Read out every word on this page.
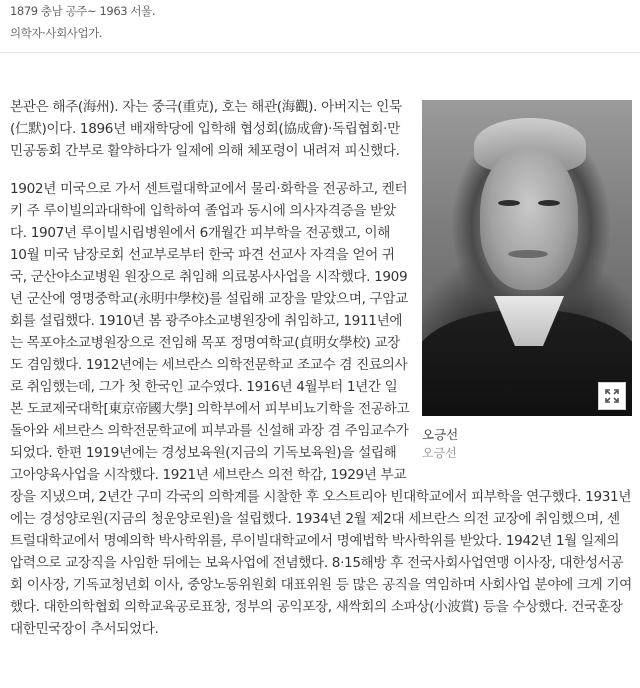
1879 충남 공주~ 1963 서울.
의학자·사회사업가.
오긍선
오긍선

본관은 해주(海州). 자는 중극(重克), 호는 해관(海觀). 아버지는 인묵(仁默)이다. 1896년 배재학당에 입학해 협성회(協成會)·독립협회·만민공동회 간부로 활약하다가 일제에 의해 체포령이 내려져 피신했다.

1902년 미국으로 가서 센트럴대학교에서 물리·화학을 전공하고, 켄터키 주 루이빌의과대학에 입학하여 졸업과 동시에 의사자격증을 받았다. 1907년 루이빌시립병원에서 6개월간 피부학을 전공했고, 이해 10월 미국 남장로회 선교부로부터 한국 파견 선교사 자격을 얻어 귀국, 군산야소교병원 원장으로 취임해 의료봉사사업을 시작했다. 1909년 군산에 영명중학교(永明中學校)를 설립해 교장을 맡았으며, 구암교회를 설립했다. 1910년 봄 광주야소교병원장에 취임하고, 1911년에는 목포야소교병원장으로 전임해 목포 정명여학교(貞明女學校) 교장도 겸임했다. 1912년에는 세브란스 의학전문학교 조교수 겸 진료의사로 취임했는데, 그가 첫 한국인 교수였다. 1916년 4월부터 1년간 일본 도쿄제국대학[東京帝國大學] 의학부에서 피부비뇨기학을 전공하고 돌아와 세브란스 의학전문학교에 피부과를 신설해 과장 겸 주임교수가 되었다. 한편 1919년에는 경성보육원(지금의 기독보육원)을 설립해 고아양육사업을 시작했다. 1921년 세브란스 의전 학감, 1929년 부교장을 지냈으며, 2년간 구미 각국의 의학계를 시찰한 후 오스트리아 빈대학교에서 피부학을 연구했다. 1931년에는 경성양로원(지금의 청운양로원)을 설립했다. 1934년 2월 제2대 세브란스 의전 교장에 취임했으며, 센트럴대학교에서 명예의학 박사학위를, 루이빌대학교에서 명예법학 박사학위를 받았다. 1942년 1월 일제의 압력으로 교장직을 사임한 뒤에는 보육사업에 전념했다. 8·15해방 후 전국사회사업연맹 이사장, 대한성서공회 이사장, 기독교청년회 이사, 중앙노동위원회 대표위원 등 많은 공직을 역임하며 사회사업 분야에 크게 기여했다. 대한의학협회 의학교육공로표창, 정부의 공익포장, 새싹회의 소파상(小波賞) 등을 수상했다. 건국훈장 대한민국장이 추서되었다.
